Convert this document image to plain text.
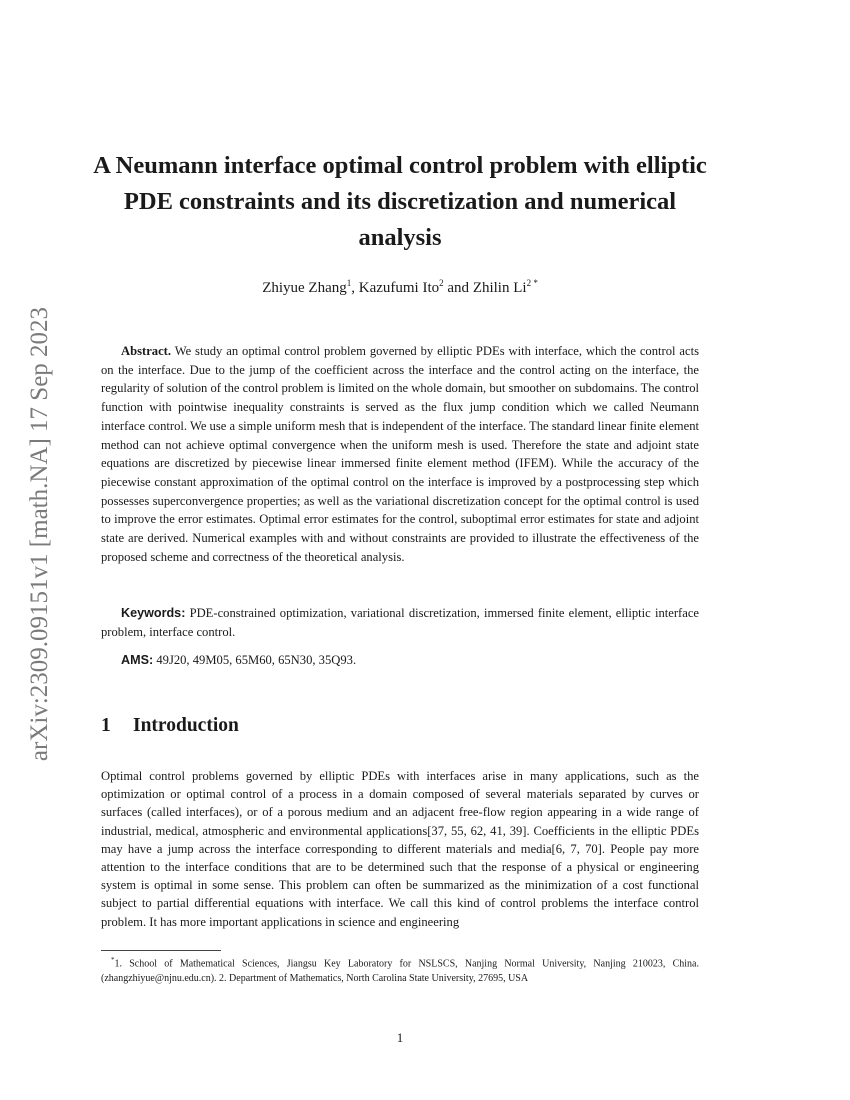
arXiv:2309.09151v1 [math.NA] 17 Sep 2023
A Neumann interface optimal control problem with elliptic PDE constraints and its discretization and numerical analysis
Zhiyue Zhang$^1$, Kazufumi Ito$^2$ and Zhilin Li$^2$ *
Abstract. We study an optimal control problem governed by elliptic PDEs with interface, which the control acts on the interface. Due to the jump of the coefficient across the interface and the control acting on the interface, the regularity of solution of the control problem is limited on the whole domain, but smoother on subdomains. The control function with pointwise inequality constraints is served as the flux jump condition which we called Neumann interface control. We use a simple uniform mesh that is independent of the interface. The standard linear finite element method can not achieve optimal convergence when the uniform mesh is used. Therefore the state and adjoint state equations are discretized by piecewise linear immersed finite element method (IFEM). While the accuracy of the piecewise constant approximation of the optimal control on the interface is improved by a postprocessing step which possesses superconvergence properties; as well as the variational discretization concept for the optimal control is used to improve the error estimates. Optimal error estimates for the control, suboptimal error estimates for state and adjoint state are derived. Numerical examples with and without constraints are provided to illustrate the effectiveness of the proposed scheme and correctness of the theoretical analysis.
Keywords: PDE-constrained optimization, variational discretization, immersed finite element, elliptic interface problem, interface control.
AMS: 49J20, 49M05, 65M60, 65N30, 35Q93.
1 Introduction
Optimal control problems governed by elliptic PDEs with interfaces arise in many applications, such as the optimization or optimal control of a process in a domain composed of several materials separated by curves or surfaces (called interfaces), or of a porous medium and an adjacent free-flow region appearing in a wide range of industrial, medical, atmospheric and environmental applications[37, 55, 62, 41, 39]. Coefficients in the elliptic PDEs may have a jump across the interface corresponding to different materials and media[6, 7, 70]. People pay more attention to the interface conditions that are to be determined such that the response of a physical or engineering system is optimal in some sense. This problem can often be summarized as the minimization of a cost functional subject to partial differential equations with interface. We call this kind of control problems the interface control problem. It has more important applications in science and engineering
*1. School of Mathematical Sciences, Jiangsu Key Laboratory for NSLSCS, Nanjing Normal University, Nanjing 210023, China. (zhangzhiyue@njnu.edu.cn). 2. Department of Mathematics, North Carolina State University, 27695, USA
1
